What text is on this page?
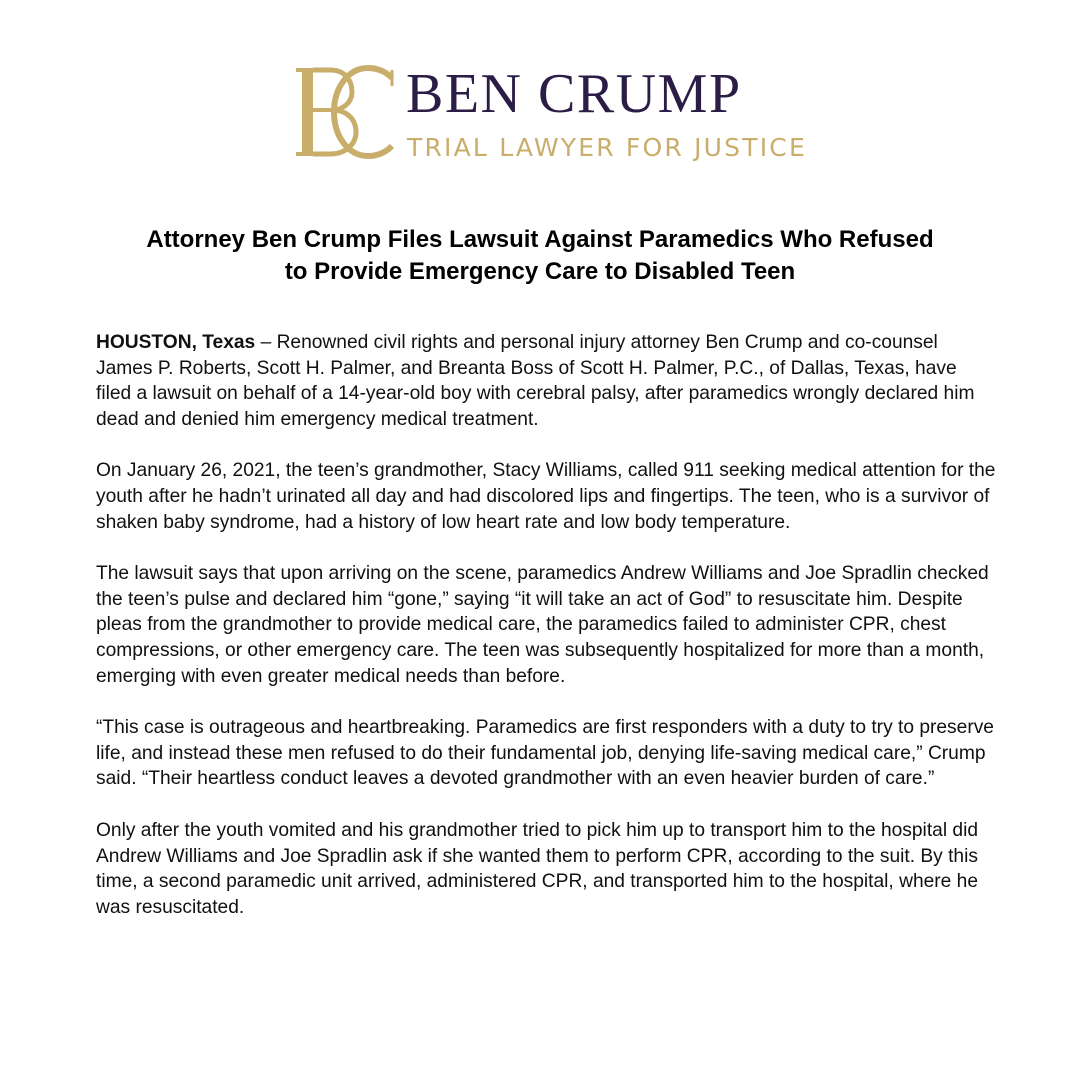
BEN CRUMP
TRIAL LAWYER FOR JUSTICE
Attorney Ben Crump Files Lawsuit Against Paramedics Who Refused
to Provide Emergency Care to Disabled Teen

HOUSTON, Texas – Renowned civil rights and personal injury attorney Ben Crump and co-counsel James P. Roberts, Scott H. Palmer, and Breanta Boss of Scott H. Palmer, P.C., of Dallas, Texas, have filed a lawsuit on behalf of a 14-year-old boy with cerebral palsy, after paramedics wrongly declared him dead and denied him emergency medical treatment.

On January 26, 2021, the teen’s grandmother, Stacy Williams, called 911 seeking medical attention for the youth after he hadn’t urinated all day and had discolored lips and fingertips. The teen, who is a survivor of shaken baby syndrome, had a history of low heart rate and low body temperature.

The lawsuit says that upon arriving on the scene, paramedics Andrew Williams and Joe Spradlin checked the teen’s pulse and declared him “gone,” saying “it will take an act of God” to resuscitate him. Despite pleas from the grandmother to provide medical care, the paramedics failed to administer CPR, chest compressions, or other emergency care. The teen was subsequently hospitalized for more than a month, emerging with even greater medical needs than before.

“This case is outrageous and heartbreaking. Paramedics are first responders with a duty to try to preserve life, and instead these men refused to do their fundamental job, denying life-saving medical care,” Crump said. “Their heartless conduct leaves a devoted grandmother with an even heavier burden of care.”

Only after the youth vomited and his grandmother tried to pick him up to transport him to the hospital did Andrew Williams and Joe Spradlin ask if she wanted them to perform CPR, according to the suit. By this time, a second paramedic unit arrived, administered CPR, and transported him to the hospital, where he was resuscitated.
